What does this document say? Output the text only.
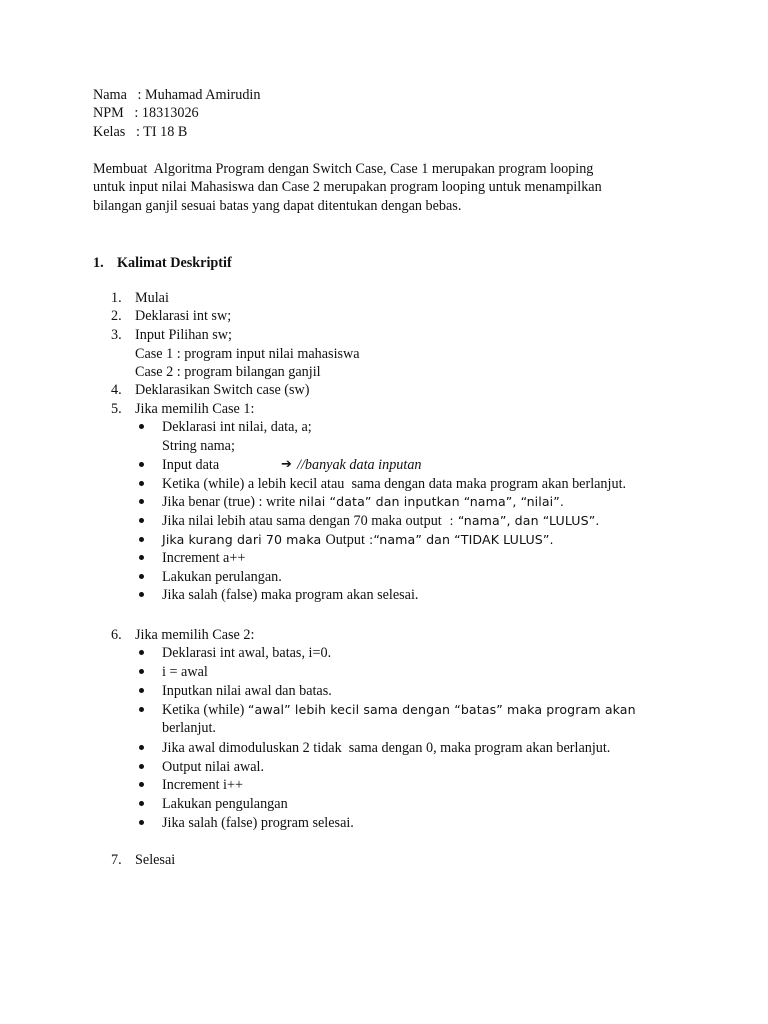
Nama   : Muhamad Amirudin
NPM   : 18313026
Kelas   : TI 18 B
Membuat  Algoritma Program dengan Switch Case, Case 1 merupakan program looping
untuk input nilai Mahasiswa dan Case 2 merupakan program looping untuk menampilkan
bilangan ganjil sesuai batas yang dapat ditentukan dengan bebas.
1. Kalimat Deskriptif
1. Mulai
2. Deklarasi int sw;
3. Input Pilihan sw;
Case 1 : program input nilai mahasiswa
Case 2 : program bilangan ganjil
4. Deklarasikan Switch case (sw)
5. Jika memilih Case 1:
Deklarasi int nilai, data, a;
String nama;
Input data	➔ //banyak data inputan
Ketika (while) a lebih kecil atau  sama dengan data maka program akan berlanjut.
Jika benar (true) : write nilai “data” dan inputkan “nama”, “nilai”.
Jika nilai lebih atau sama dengan 70 maka output  : “nama”, dan “LULUS”.
Jika kurang dari 70 maka Output :“nama” dan “TIDAK LULUS”.
Increment a++
Lakukan perulangan.
Jika salah (false) maka program akan selesai.
6. Jika memilih Case 2:
Deklarasi int awal, batas, i=0.
i = awal
Inputkan nilai awal dan batas.
Ketika (while) “awal” lebih kecil sama dengan “batas” maka program akan
berlanjut.
Jika awal dimoduluskan 2 tidak  sama dengan 0, maka program akan berlanjut.
Output nilai awal.
Increment i++
Lakukan pengulangan
Jika salah (false) program selesai.
7. Selesai
